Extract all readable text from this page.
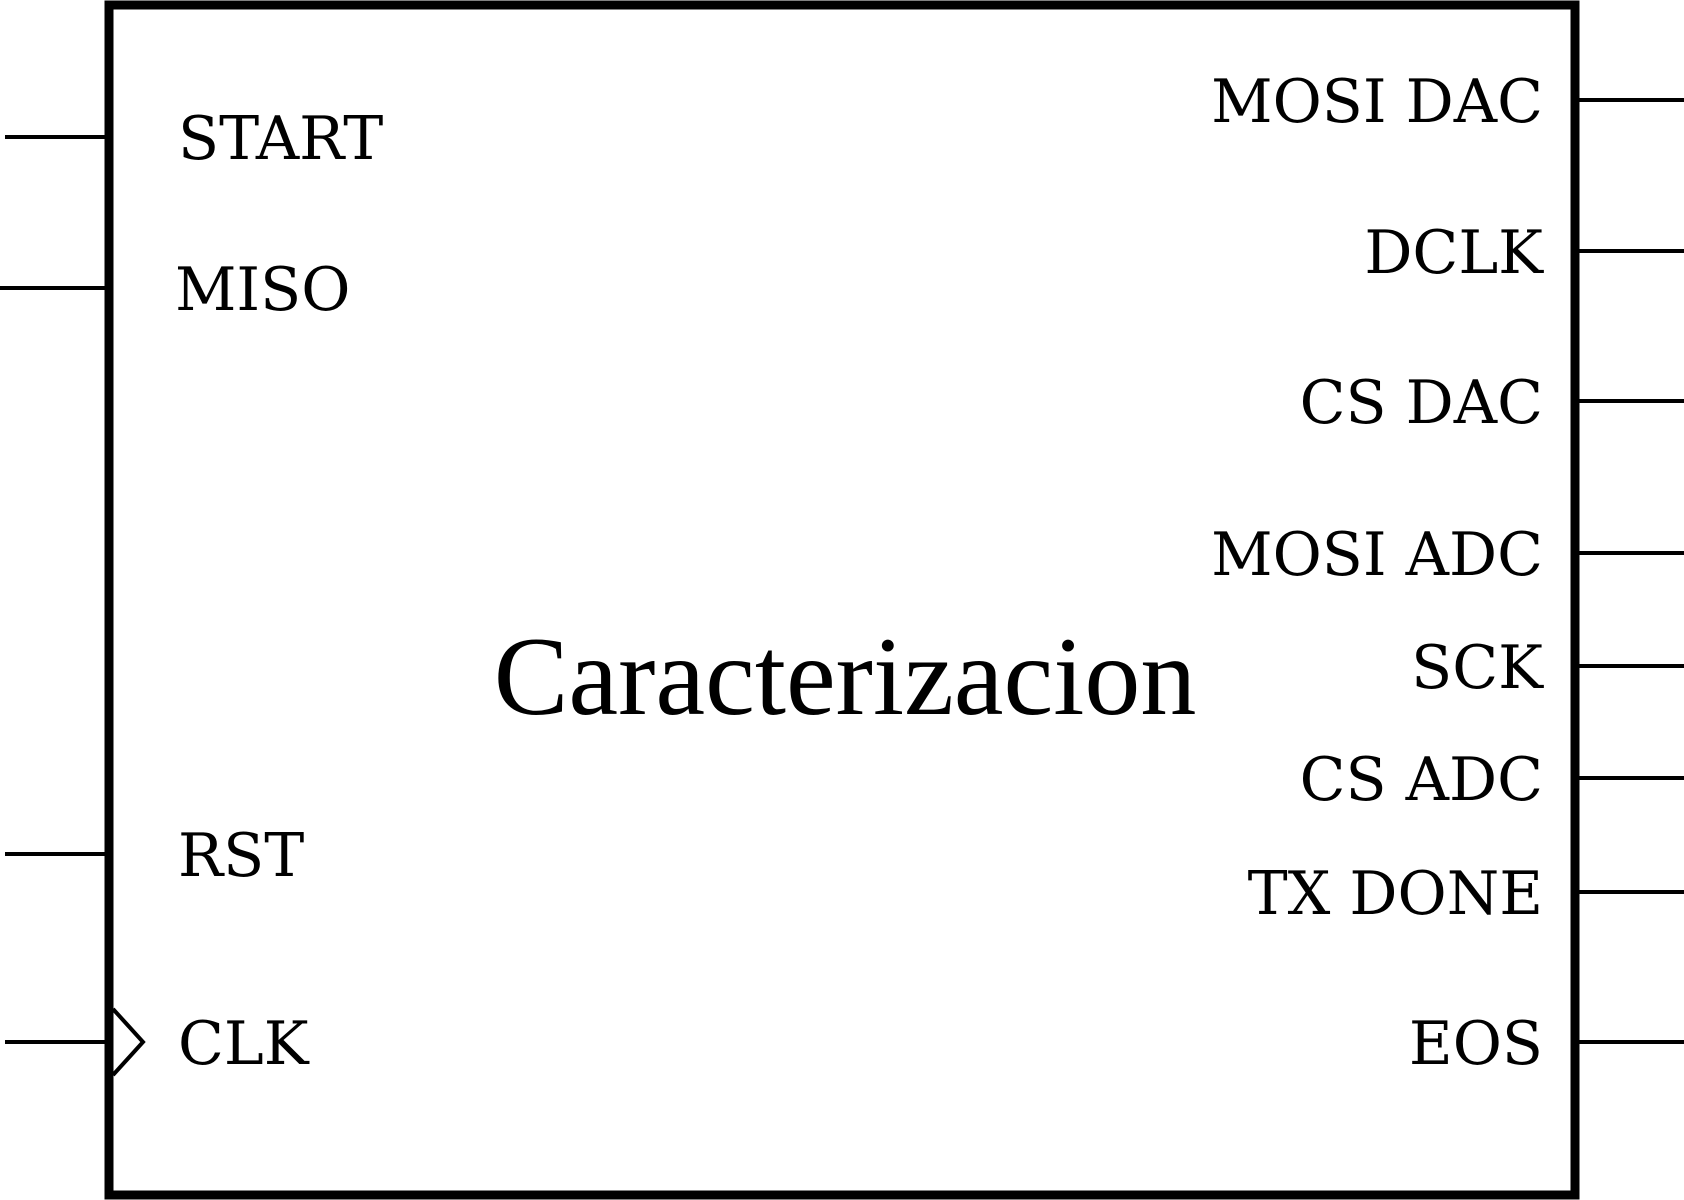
Caracterizacion
START
MISO
RST
CLK
MOSI DAC
DCLK
CS DAC
MOSI ADC
SCK
CS ADC
TX DONE
EOS
